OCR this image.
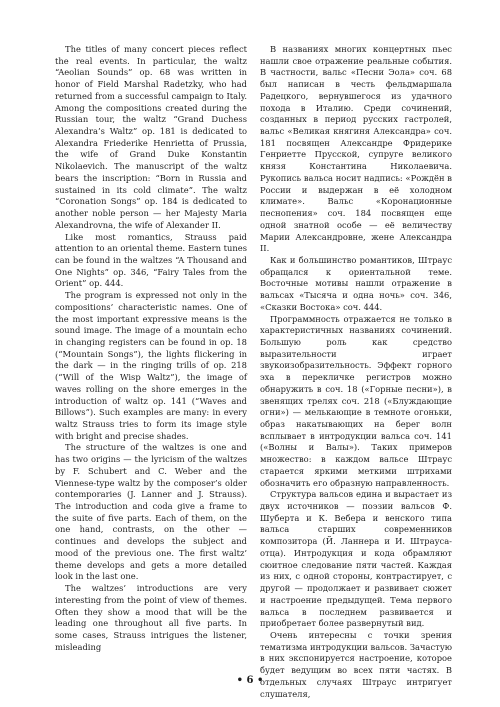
The titles of many concert pieces reflect the real events. In particular, the waltz “Aeolian Sounds” op. 68 was written in honor of Field Marshal Radetzky, who had returned from a successful campaign to Italy. Among the compositions created during the Russian tour, the waltz “Grand Duchess Alexandra’s Waltz” op. 181 is dedicated to Alexandra Friederike Henrietta of Prussia, the wife of Grand Duke Konstantin Nikolaevich. The manuscript of the waltz bears the inscription: “Born in Russia and sustained in its cold climate”. The waltz “Coronation Songs” op. 184 is dedicated to another noble person — her Majesty Maria Alexandrovna, the wife of Alexander II.

Like most romantics, Strauss paid attention to an oriental theme. Eastern tunes can be found in the waltzes “A Thousand and One Nights” op. 346, “Fairy Tales from the Orient” op. 444.

The program is expressed not only in the compositions’ characteristic names. One of the most important expressive means is the sound image. The image of a mountain echo in changing registers can be found in op. 18 (“Mountain Songs”), the lights flickering in the dark — in the ringing trills of op. 218 (“Will of the Wisp Waltz”), the image of waves rolling on the shore emerges in the introduction of waltz op. 141 (“Waves and Billows”). Such examples are many: in every waltz Strauss tries to form its image style with bright and precise shades.

The structure of the waltzes is one and has two origins — the lyricism of the waltzes by F. Schubert and C. Weber and the Viennese-type waltz by the composer’s older contemporaries (J. Lanner and J. Strauss). The introduction and coda give a frame to the suite of five parts. Each of them, on the one hand, contrasts, on the other — continues and develops the subject and mood of the previous one. The first waltz’ theme develops and gets a more detailed look in the last one.

The waltzes’ introductions are very interesting from the point of view of themes. Often they show a mood that will be the leading one throughout all five parts. In some cases, Strauss intrigues the listener, misleading

В названиях многих концертных пьес нашли свое отражение реальные события. В частности, вальс «Песни Эола» соч. 68 был написан в честь фельдмаршала Радецкого, вернувшегося из удачного похода в Италию. Среди сочинений, созданных в период русских гастролей, вальс «Великая княгиня Александра» соч. 181 посвящен Александре Фридерике Генриетте Прусской, супруге великого князя Константина Николаевича. Рукопись вальса носит надпись: «Рождён в России и выдержан в её холодном климате». Вальс «Коронационные песнопения» соч. 184 посвящен еще одной знатной особе — её величеству Марии Александровне, жене Александра II.

Как и большинство романтиков, Штраус обращался к ориентальной теме. Восточные мотивы нашли отражение в вальсах «Тысяча и одна ночь» соч. 346, «Сказки Востока» соч. 444.

Программность отражается не только в характеристичных названиях сочинений. Большую роль как средство выразительности играет звукоизобразительность. Эффект горного эха в перекличке регистров можно обнаружить в соч. 18 («Горные песни»), в звенящих трелях соч. 218 («Блуждающие огни») — мелькающие в темноте огоньки, образ накатывающих на берег волн всплывает в интродукции вальса соч. 141 («Волны и Валы»). Таких примеров множество: в каждом вальсе Штраус старается яркими меткими штрихами обозначить его образную направленность.

Структура вальсов едина и вырастает из двух источников — поэзии вальсов Ф. Шуберта и К. Вебера и венского типа вальса старших современников композитора (Й. Ланнера и И. Штрауса-отца). Интродукция и кода обрамляют сюитное следование пяти частей. Каждая из них, с одной стороны, контрастирует, с другой — продолжает и развивает сюжет и настроение предыдущей. Тема первого вальса в последнем развивается и приобретает более развернутый вид.

Очень интересны с точки зрения тематизма интродукции вальсов. Зачастую в них экспонируется настроение, которое будет ведущим во всех пяти частях. В отдельных случаях Штраус интригует слушателя,

• 6 •
